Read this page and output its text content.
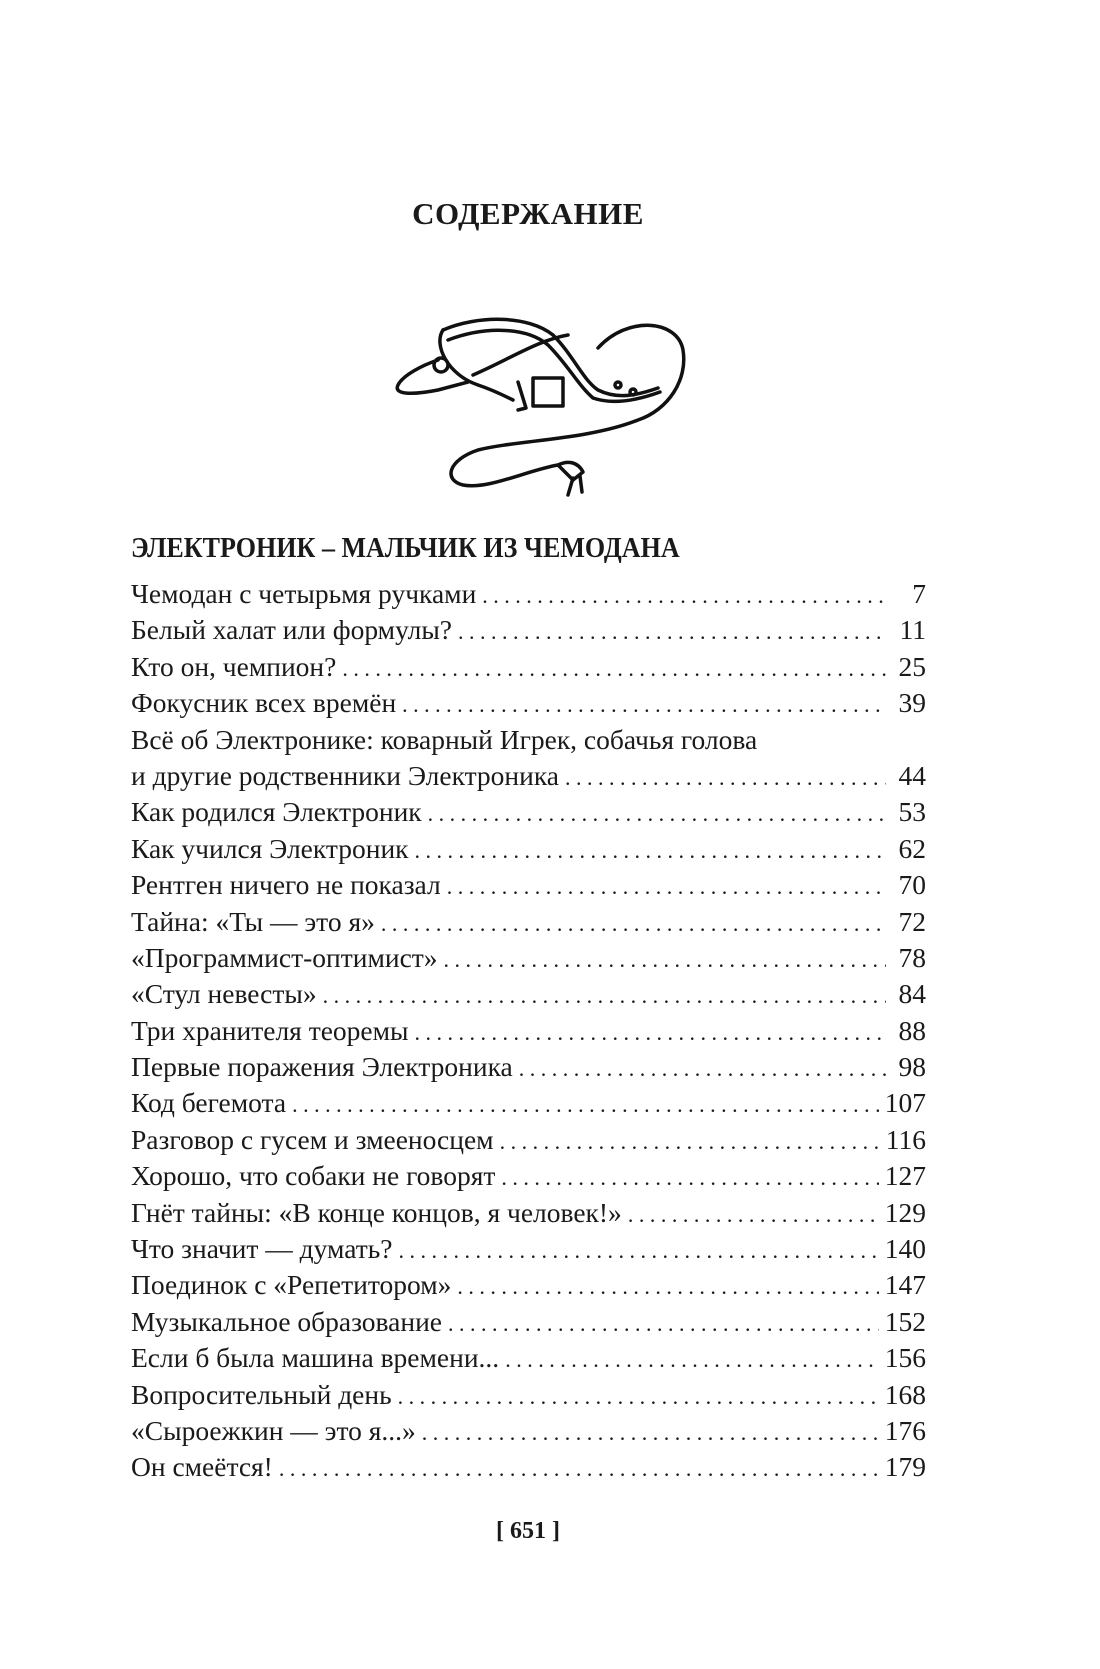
СОДЕРЖАНИЕ
ЭЛЕКТРОНИК – МАЛЬЧИК ИЗ ЧЕМОДАНА
Чемодан с четырьмя ручками . . .	7
Белый халат или формулы? . . .	11
Кто он, чемпион? . . .	25
Фокусник всех времён . . .	39
Всё об Электронике: коварный Игрек, собачья голова
и другие родственники Электроника . . .	44
Как родился Электроник . . .	53
Как учился Электроник . . .	62
Рентген ничего не показал . . .	70
Тайна: «Ты — это я» . . .	72
«Программист-оптимист» . . .	78
«Стул невесты» . . .	84
Три хранителя теоремы . . .	88
Первые поражения Электроника . . .	98
Код бегемота . . .	107
Разговор с гусем и змееносцем . . .	116
Хорошо, что собаки не говорят . . .	127
Гнёт тайны: «В конце концов, я человек!» . . .	129
Что значит — думать? . . .	140
Поединок с «Репетитором» . . .	147
Музыкальное образование . . .	152
Если б была машина времени... . . .	156
Вопросительный день . . .	168
«Сыроежкин — это я...» . . .	176
Он смеётся! . . .	179
[ 651 ]
